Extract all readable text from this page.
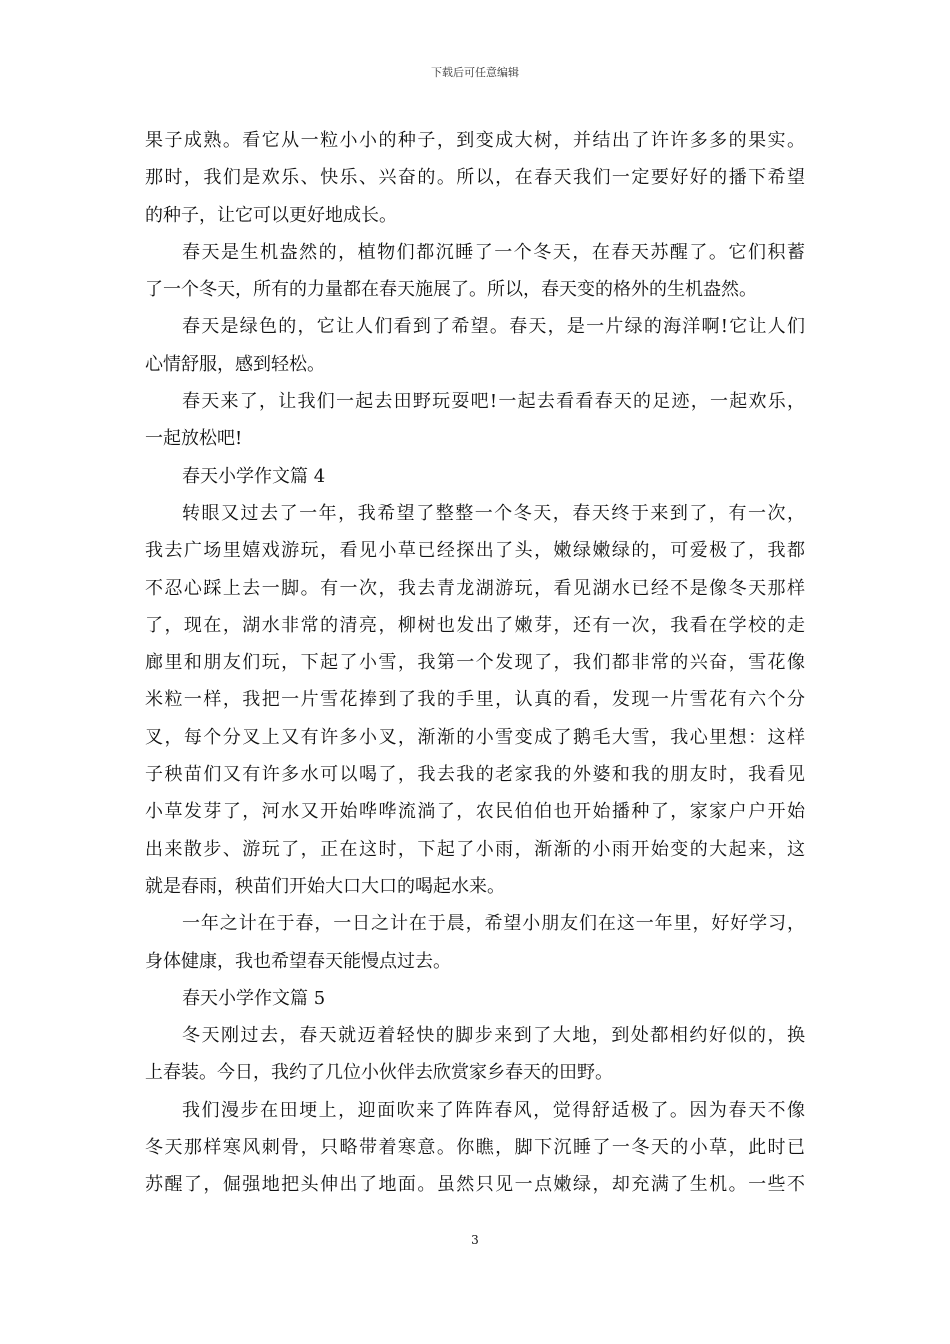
下载后可任意编辑
果子成熟。看它从一粒小小的种子，到变成大树，并结出了许许多多的果实。
那时，我们是欢乐、快乐、兴奋的。所以，在春天我们一定要好好的播下希望
的种子，让它可以更好地成长。
春天是生机盎然的，植物们都沉睡了一个冬天，在春天苏醒了。它们积蓄
了一个冬天，所有的力量都在春天施展了。所以，春天变的格外的生机盎然。
春天是绿色的，它让人们看到了希望。春天，是一片绿的海洋啊!它让人们
心情舒服，感到轻松。
春天来了，让我们一起去田野玩耍吧!一起去看看春天的足迹，一起欢乐，
一起放松吧!
春天小学作文篇 4
转眼又过去了一年，我希望了整整一个冬天，春天终于来到了，有一次，
我去广场里嬉戏游玩，看见小草已经探出了头，嫩绿嫩绿的，可爱极了，我都
不忍心踩上去一脚。有一次，我去青龙湖游玩，看见湖水已经不是像冬天那样
了，现在，湖水非常的清亮，柳树也发出了嫩芽，还有一次，我看在学校的走
廊里和朋友们玩，下起了小雪，我第一个发现了，我们都非常的兴奋，雪花像
米粒一样，我把一片雪花捧到了我的手里，认真的看，发现一片雪花有六个分
叉，每个分叉上又有许多小叉，渐渐的小雪变成了鹅毛大雪，我心里想：这样
子秧苗们又有许多水可以喝了，我去我的老家我的外婆和我的朋友时，我看见
小草发芽了，河水又开始哗哗流淌了，农民伯伯也开始播种了，家家户户开始
出来散步、游玩了，正在这时，下起了小雨，渐渐的小雨开始变的大起来，这
就是春雨，秧苗们开始大口大口的喝起水来。
一年之计在于春，一日之计在于晨，希望小朋友们在这一年里，好好学习，
身体健康，我也希望春天能慢点过去。
春天小学作文篇 5
冬天刚过去，春天就迈着轻快的脚步来到了大地，到处都相约好似的，换
上春装。今日，我约了几位小伙伴去欣赏家乡春天的田野。
我们漫步在田埂上，迎面吹来了阵阵春风，觉得舒适极了。因为春天不像
冬天那样寒风刺骨，只略带着寒意。你瞧，脚下沉睡了一冬天的小草，此时已
苏醒了，倔强地把头伸出了地面。虽然只见一点嫩绿，却充满了生机。一些不
3
